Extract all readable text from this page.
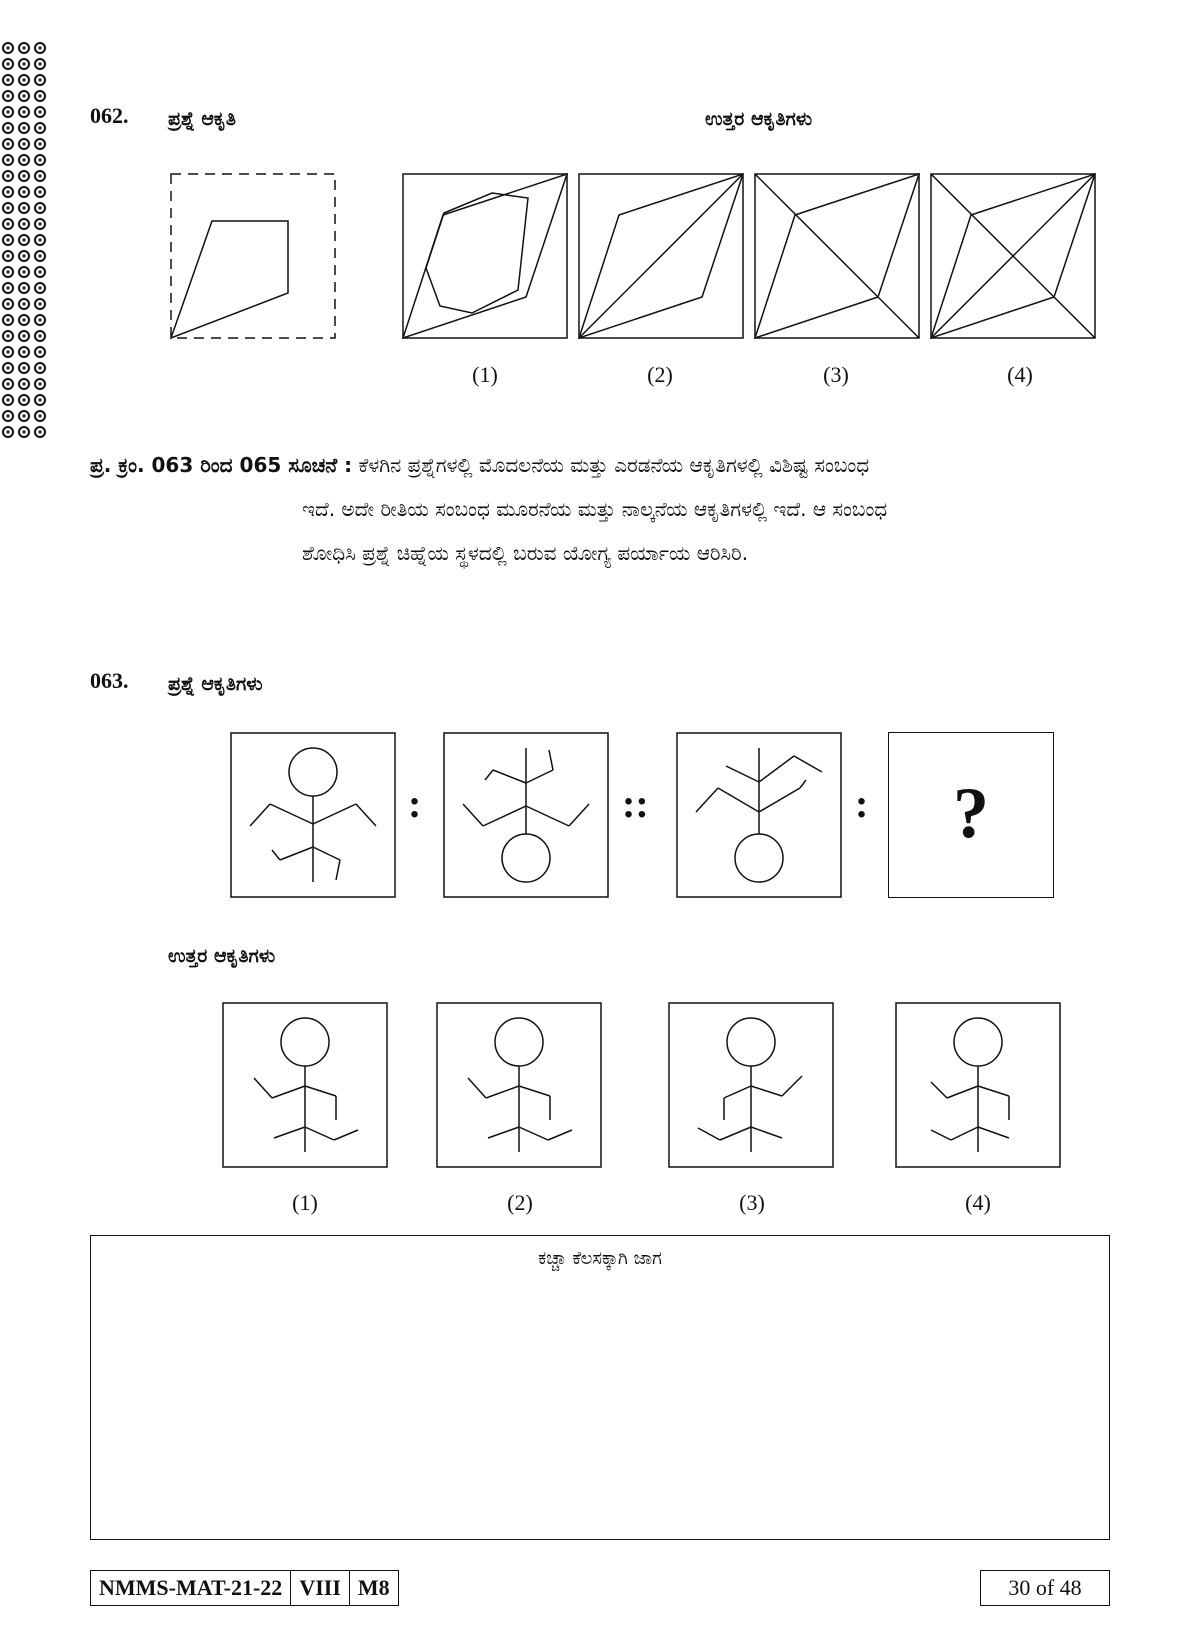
062. ಪ್ರಶ್ನೆ ಆಕೃತಿ	ಉತ್ತರ ಆಕೃತಿಗಳು
(1)	(2)	(3)	(4)
ಪ್ರ. ಕ್ರಂ. 063 ರಿಂದ 065 ಸೂಚನೆ : ಕೆಳಗಿನ ಪ್ರಶ್ನೆಗಳಲ್ಲಿ ಮೊದಲನೆಯ ಮತ್ತು ಎರಡನೆಯ ಆಕೃತಿಗಳಲ್ಲಿ ವಿಶಿಷ್ಟ ಸಂಬಂಧ
ಇದೆ. ಅದೇ ರೀತಿಯ ಸಂಬಂಧ ಮೂರನೆಯ ಮತ್ತು ನಾಲ್ಕನೆಯ ಆಕೃತಿಗಳಲ್ಲಿ ಇದೆ. ಆ ಸಂಬಂಧ
ಶೋಧಿಸಿ ಪ್ರಶ್ನೆ ಚಿಹ್ನೆಯ ಸ್ಥಳದಲ್ಲಿ ಬರುವ ಯೋಗ್ಯ ಪರ್ಯಾಯ ಆರಿಸಿರಿ.
063. ಪ್ರಶ್ನೆ ಆಕೃತಿಗಳು
:	::	:	?
ಉತ್ತರ ಆಕೃತಿಗಳು
(1)	(2)	(3)	(4)
ಕಚ್ಚಾ ಕೆಲಸಕ್ಕಾಗಿ ಜಾಗ
NMMS-MAT-21-22 VIII M8	30 of 48
